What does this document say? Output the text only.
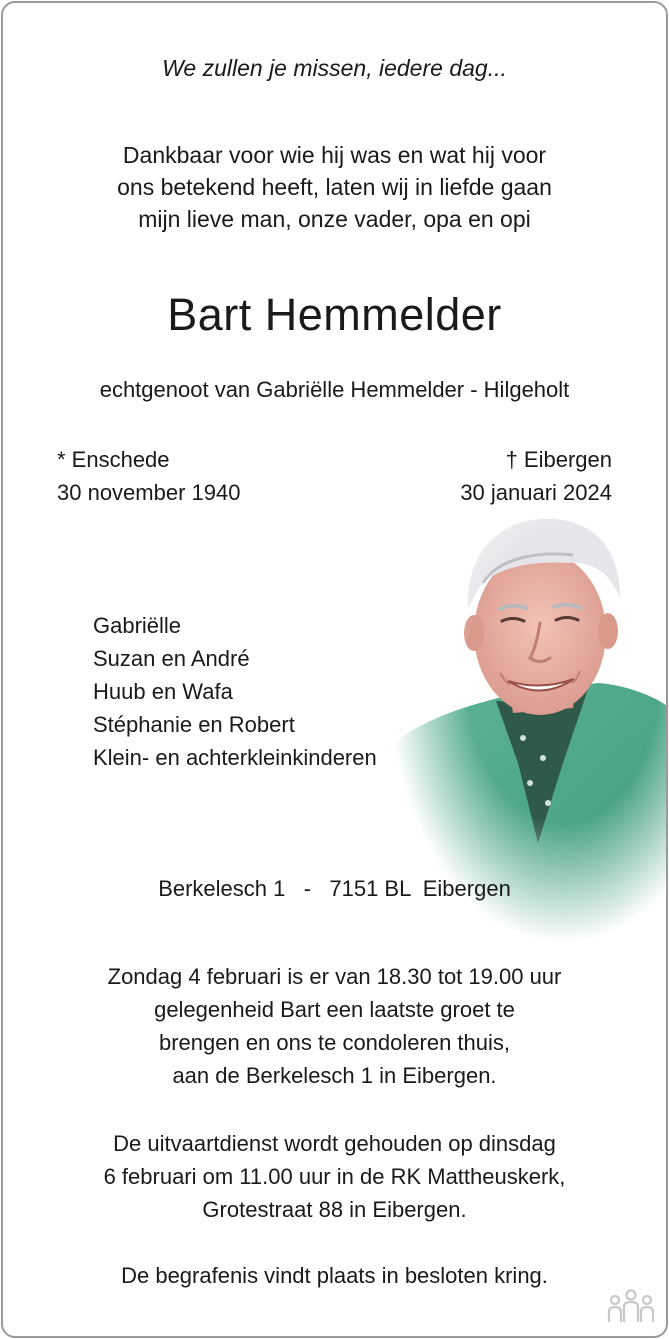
We zullen je missen, iedere dag...
Dankbaar voor wie hij was en wat hij voor
ons betekend heeft, laten wij in liefde gaan
mijn lieve man, onze vader, opa en opi
Bart Hemmelder
echtgenoot van Gabriëlle Hemmelder - Hilgeholt
* Enschede
30 november 1940
† Eibergen
30 januari 2024
Gabriëlle
Suzan en André
Huub en Wafa
Stéphanie en Robert
Klein- en achterkleinkinderen
Berkelesch 1   -   7151 BL  Eibergen
Zondag 4 februari is er van 18.30 tot 19.00 uur
gelegenheid Bart een laatste groet te
brengen en ons te condoleren thuis,
aan de Berkelesch 1 in Eibergen.
De uitvaartdienst wordt gehouden op dinsdag
6 februari om 11.00 uur in de RK Mattheuskerk,
Grotestraat 88 in Eibergen.
De begrafenis vindt plaats in besloten kring.
